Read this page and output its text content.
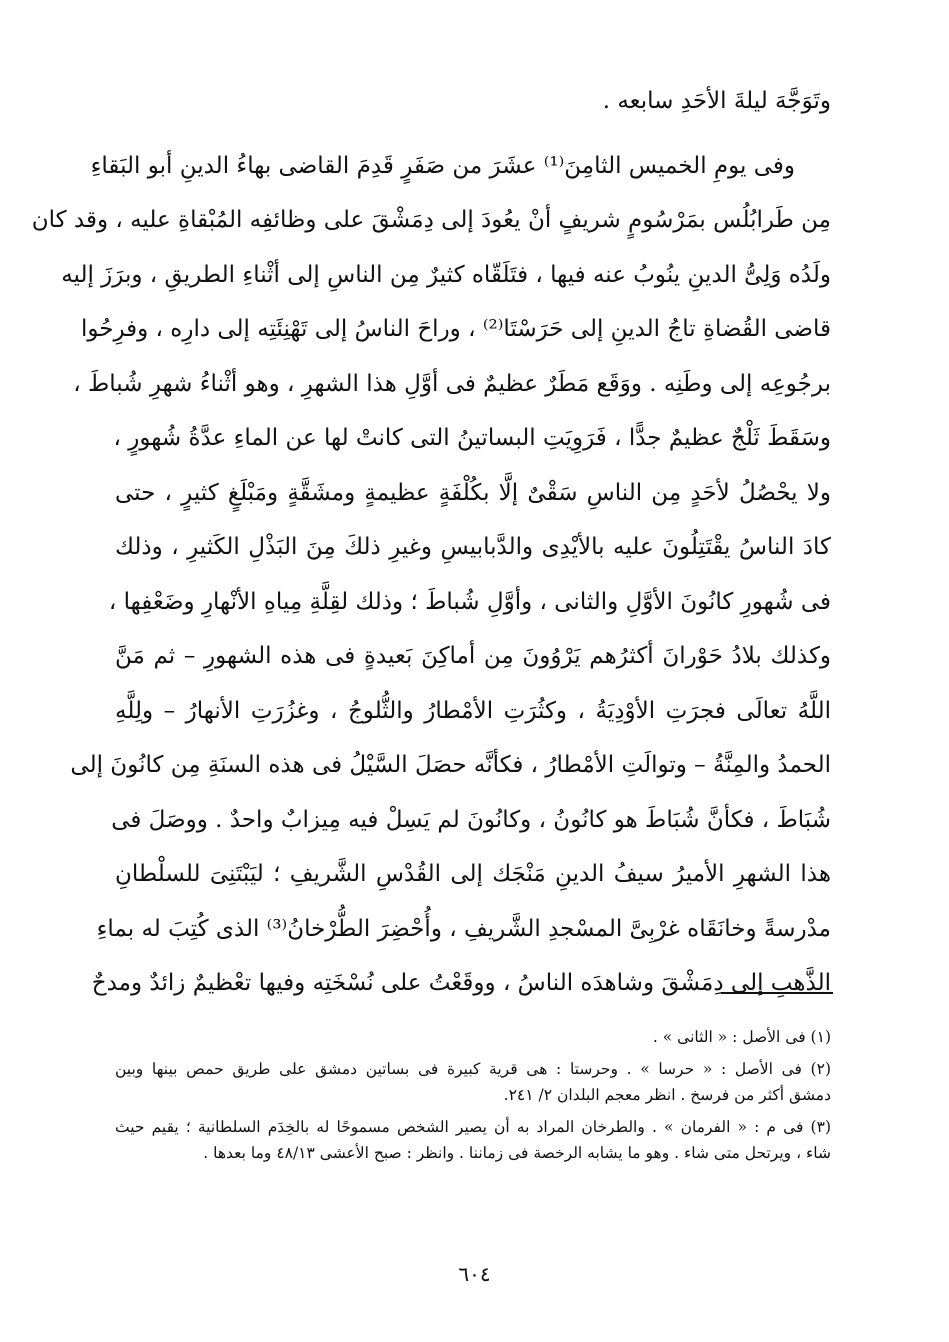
وتَوَجَّهَ ليلةَ الأحَدِ سابعه .
وفى يومِ الخميس الثامِنَ⁽¹⁾ عشَرَ من صَفَرٍ قَدِمَ القاضى بهاءُ الدينِ أبو البَقاءِ
مِن طَرابُلُس بمَرْسُومٍ شريفٍ أنْ يعُودَ إلى دِمَشْقَ على وظائفِه المُبْقاةِ عليه ، وقد كان
ولَدُه وَلِىُّ الدينِ ينُوبُ عنه فيها ، فتَلَقّاه كثيرٌ مِن الناسِ إلى أثْناءِ الطريقِ ، وبرَزَ إليه
قاضى القُضاةِ تاجُ الدينِ إلى حَرَسْتَا⁽²⁾ ، وراحَ الناسُ إلى تَهْنِئَتِه إلى دارِه ، وفرِحُوا
برجُوعِه إلى وطَنِه . ووَقَع مَطَرٌ عظيمٌ فى أوَّلِ هذا الشهرِ ، وهو أثْناءُ شهرِ شُباطَ ،
وسَقَطَ ثَلْجٌ عظيمٌ جدًّا ، فَرَوِيَتِ البساتينُ التى كانتْ لها عن الماءِ عدَّةُ شُهورٍ ،
ولا يحْصُلُ لأحَدٍ مِن الناسِ سَقْىٌ إلَّا بكُلْفَةٍ عظيمةٍ ومشَقَّةٍ ومَبْلَغٍ كثيرٍ ، حتى
كادَ الناسُ يقْتَتِلُونَ عليه بالأيْدِى والدَّبابيسِ وغيرِ ذلكَ مِنَ البَذْلِ الكَثيرِ ، وذلك
فى شُهورِ كانُونَ الأوَّلِ والثانى ، وأوَّلِ شُباطَ ؛ وذلك لقِلَّةِ مِياهِ الأنْهارِ وضَعْفِها ،
وكذلك بلادُ حَوْرانَ أكثرُهم يَرْوُونَ مِن أماكِنَ بَعيدةٍ فى هذه الشهورِ – ثم مَنَّ
اللَّهُ تعالَى فجرَتِ الأوْدِيَةُ ، وكثُرَتِ الأمْطارُ والثُّلوجُ ، وغزُرَتِ الأنهارُ – ولِلَّهِ
الحمدُ والمِنَّةُ – وتوالَتِ الأمْطارُ ، فكأنَّه حصَلَ السَّيْلُ فى هذه السنَةِ مِن كانُونَ إلى
شُبَاطَ ، فكأنَّ شُبَاطَ هو كانُونُ ، وكانُونَ لم يَسِلْ فيه مِيزابٌ واحدٌ . ووصَلَ فى
هذا الشهرِ الأميرُ سيفُ الدينِ مَنْجَك إلى القُدْسِ الشَّريفِ ؛ ليَبْتَنِىَ للسلْطانِ
مدْرسةً وخانَقَاه غرْبِىَّ المسْجدِ الشَّريفِ ، وأُحْضِرَ الطُّرْخانُ⁽³⁾ الذى كُتِبَ له بماءِ
الذَّهبِ إلى دِمَشْقَ وشاهدَه الناسُ ، ووقَعْتُ على نُسْخَتِه وفيها تعْظيمٌ زائدٌ ومدحٌ
(١) فى الأصل : « الثانى » .
(٢) فى الأصل : « حرسا » . وحرستا : هى قرية كبيرة فى بساتين دمشق على طريق حمص بينها وبين
دمشق أكثر من فرسخ . انظر معجم البلدان ٢/ ٢٤١.
(٣) فى م : « الفرمان » . والطرخان المراد به أن يصير الشخص مسموحًا له بالخِدَم السلطانية ؛ يقيم حيث
شاء ، ويرتحل متى شاء . وهو ما يشابه الرخصة فى زماننا . وانظر : صبح الأعشى ٤٨/١٣ وما بعدها .
٦٠٤
